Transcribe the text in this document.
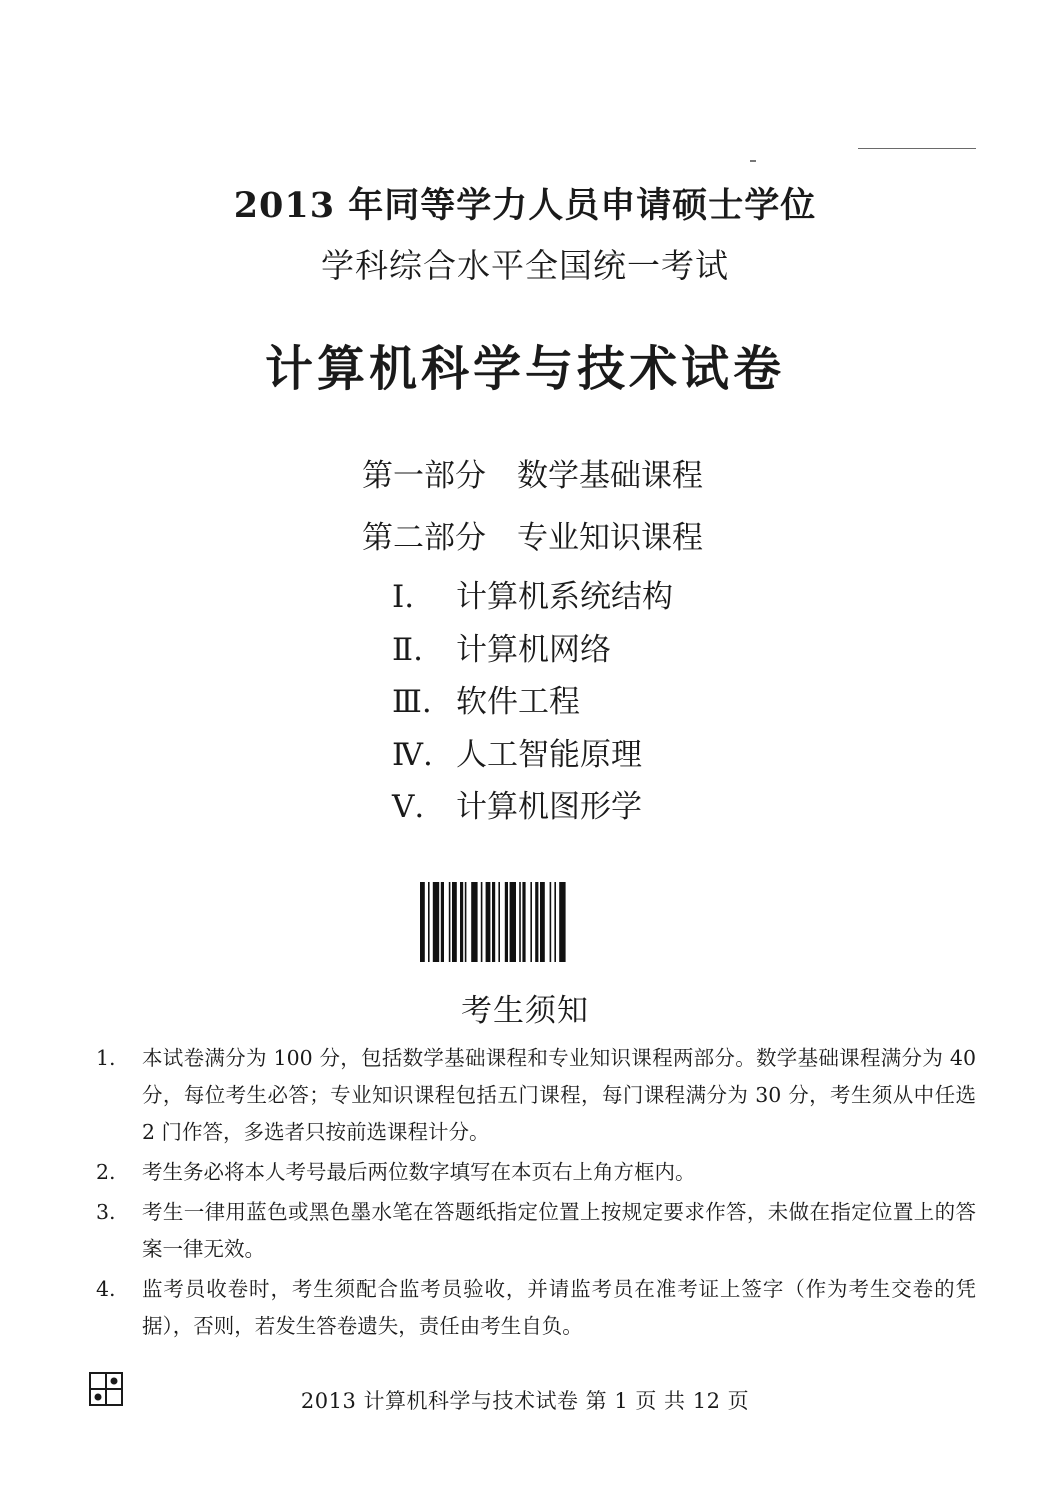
2013 年同等学力人员申请硕士学位
学科综合水平全国统一考试
计算机科学与技术试卷
第一部分 数学基础课程
第二部分 专业知识课程
Ⅰ. 计算机系统结构
Ⅱ. 计算机网络
Ⅲ. 软件工程
Ⅳ. 人工智能原理
Ⅴ. 计算机图形学
考生须知
1. 本试卷满分为 100 分，包括数学基础课程和专业知识课程两部分。数学基础课程满分为 40 分，每位考生必答；专业知识课程包括五门课程，每门课程满分为 30 分，考生须从中任选 2 门作答，多选者只按前选课程计分。
2. 考生务必将本人考号最后两位数字填写在本页右上角方框内。
3. 考生一律用蓝色或黑色墨水笔在答题纸指定位置上按规定要求作答，未做在指定位置上的答案一律无效。
4. 监考员收卷时，考生须配合监考员验收，并请监考员在准考证上签字（作为考生交卷的凭据），否则，若发生答卷遗失，责任由考生自负。
2013 计算机科学与技术试卷 第 1 页 共 12 页
